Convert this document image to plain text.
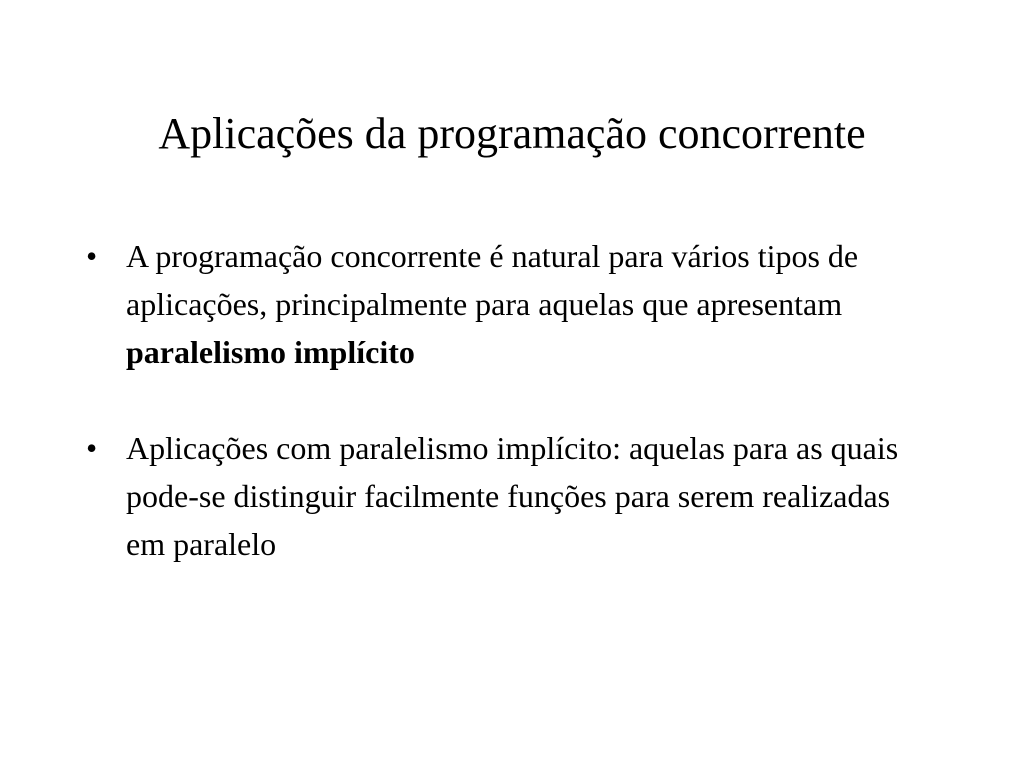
Aplicações da programação concorrente
• A programação concorrente é natural para vários tipos de aplicações, principalmente para aquelas que apresentam paralelismo implícito
• Aplicações com paralelismo implícito: aquelas para as quais pode-se distinguir facilmente funções para serem realizadas em paralelo
